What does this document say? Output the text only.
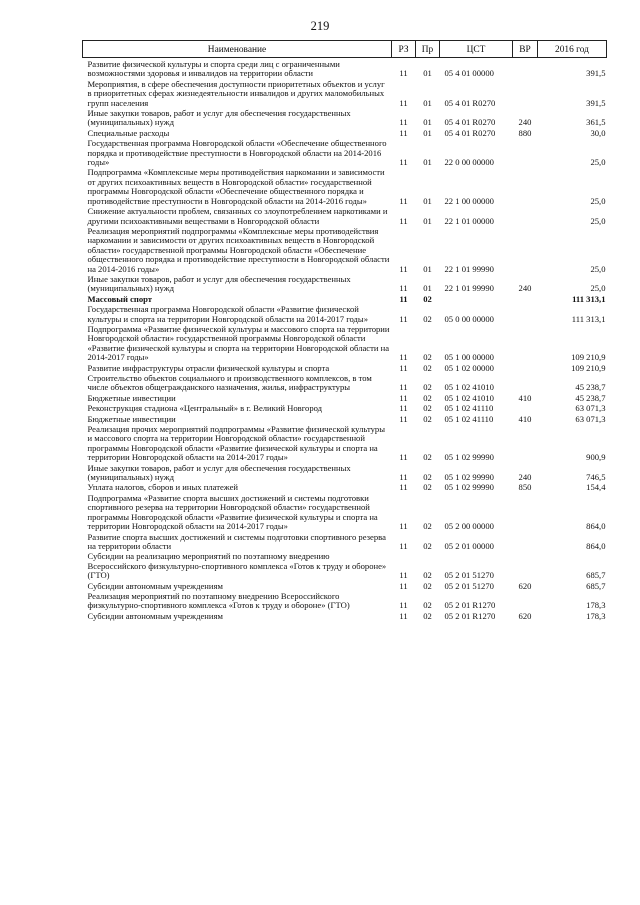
219
Наименование	РЗ	Пр	ЦСТ	ВР	2016 год
Развитие физической культуры и спорта среди лиц с ограниченными возможностями здоровья и инвалидов на территории области	11	01	05 4 01 00000		391,5
Мероприятия, в сфере обеспечения доступности приоритетных объектов и услуг в приоритетных сферах жизнедеятельности инвалидов и других маломобильных групп населения	11	01	05 4 01 R0270		391,5
Иные закупки товаров, работ и услуг для обеспечения государственных (муниципальных) нужд	11	01	05 4 01 R0270	240	361,5
Специальные расходы	11	01	05 4 01 R0270	880	30,0
Государственная программа Новгородской области «Обеспечение общественного порядка и противодействие преступности в Новгородской области на 2014-2016 годы»	11	01	22 0 00 00000		25,0
Подпрограмма «Комплексные меры противодействия наркомании и зависимости от других психоактивных веществ в Новгородской области» государственной программы Новгородской области «Обеспечение общественного порядка и противодействие преступности в Новгородской области на 2014-2016 годы»	11	01	22 1 00 00000		25,0
Снижение актуальности проблем, связанных со злоупотреблением наркотиками и другими психоактивными веществами в Новгородской области	11	01	22 1 01 00000		25,0
Реализация мероприятий подпрограммы «Комплексные меры противодействия наркомании и зависимости от других психоактивных веществ в Новгородской области» государственной программы Новгородской области «Обеспечение общественного порядка и противодействие преступности в Новгородской области на 2014-2016 годы»	11	01	22 1 01 99990		25,0
Иные закупки товаров, работ и услуг для обеспечения государственных (муниципальных) нужд	11	01	22 1 01 99990	240	25,0
Массовый спорт	11	02			111 313,1
Государственная программа Новгородской области «Развитие физической культуры и спорта на территории Новгородской области на 2014-2017 годы»	11	02	05 0 00 00000		111 313,1
Подпрограмма «Развитие физической культуры и массового спорта на территории Новгородской области» государственной программы Новгородской области «Развитие физической культуры и спорта на территории Новгородской области на 2014-2017 годы»	11	02	05 1 00 00000		109 210,9
Развитие инфраструктуры отрасли физической культуры и спорта	11	02	05 1 02 00000		109 210,9
Строительство объектов социального и производственного комплексов, в том числе объектов общегражданского назначения, жилья, инфраструктуры	11	02	05 1 02 41010		45 238,7
Бюджетные инвестиции	11	02	05 1 02 41010	410	45 238,7
Реконструкция стадиона «Центральный» в г. Великий Новгород	11	02	05 1 02 41110		63 071,3
Бюджетные инвестиции	11	02	05 1 02 41110	410	63 071,3
Реализация прочих мероприятий подпрограммы «Развитие физической культуры и массового спорта на территории Новгородской области» государственной программы Новгородской области «Развитие физической культуры и спорта на территории Новгородской области на 2014-2017 годы»	11	02	05 1 02 99990		900,9
Иные закупки товаров, работ и услуг для обеспечения государственных (муниципальных) нужд	11	02	05 1 02 99990	240	746,5
Уплата налогов, сборов и иных платежей	11	02	05 1 02 99990	850	154,4
Подпрограмма «Развитие спорта высших достижений и системы подготовки спортивного резерва на территории Новгородской области» государственной программы Новгородской области «Развитие физической культуры и спорта на территории Новгородской области на 2014-2017 годы»	11	02	05 2 00 00000		864,0
Развитие спорта высших достижений и системы подготовки спортивного резерва на территории области	11	02	05 2 01 00000		864,0
Субсидии на реализацию мероприятий по поэтапному внедрению Всероссийского физкультурно-спортивного комплекса «Готов к труду и обороне» (ГТО)	11	02	05 2 01 51270		685,7
Субсидии автономным учреждениям	11	02	05 2 01 51270	620	685,7
Реализация мероприятий по поэтапному внедрению Всероссийского физкультурно-спортивного комплекса «Готов к труду и обороне» (ГТО)	11	02	05 2 01 R1270		178,3
Субсидии автономным учреждениям	11	02	05 2 01 R1270	620	178,3
